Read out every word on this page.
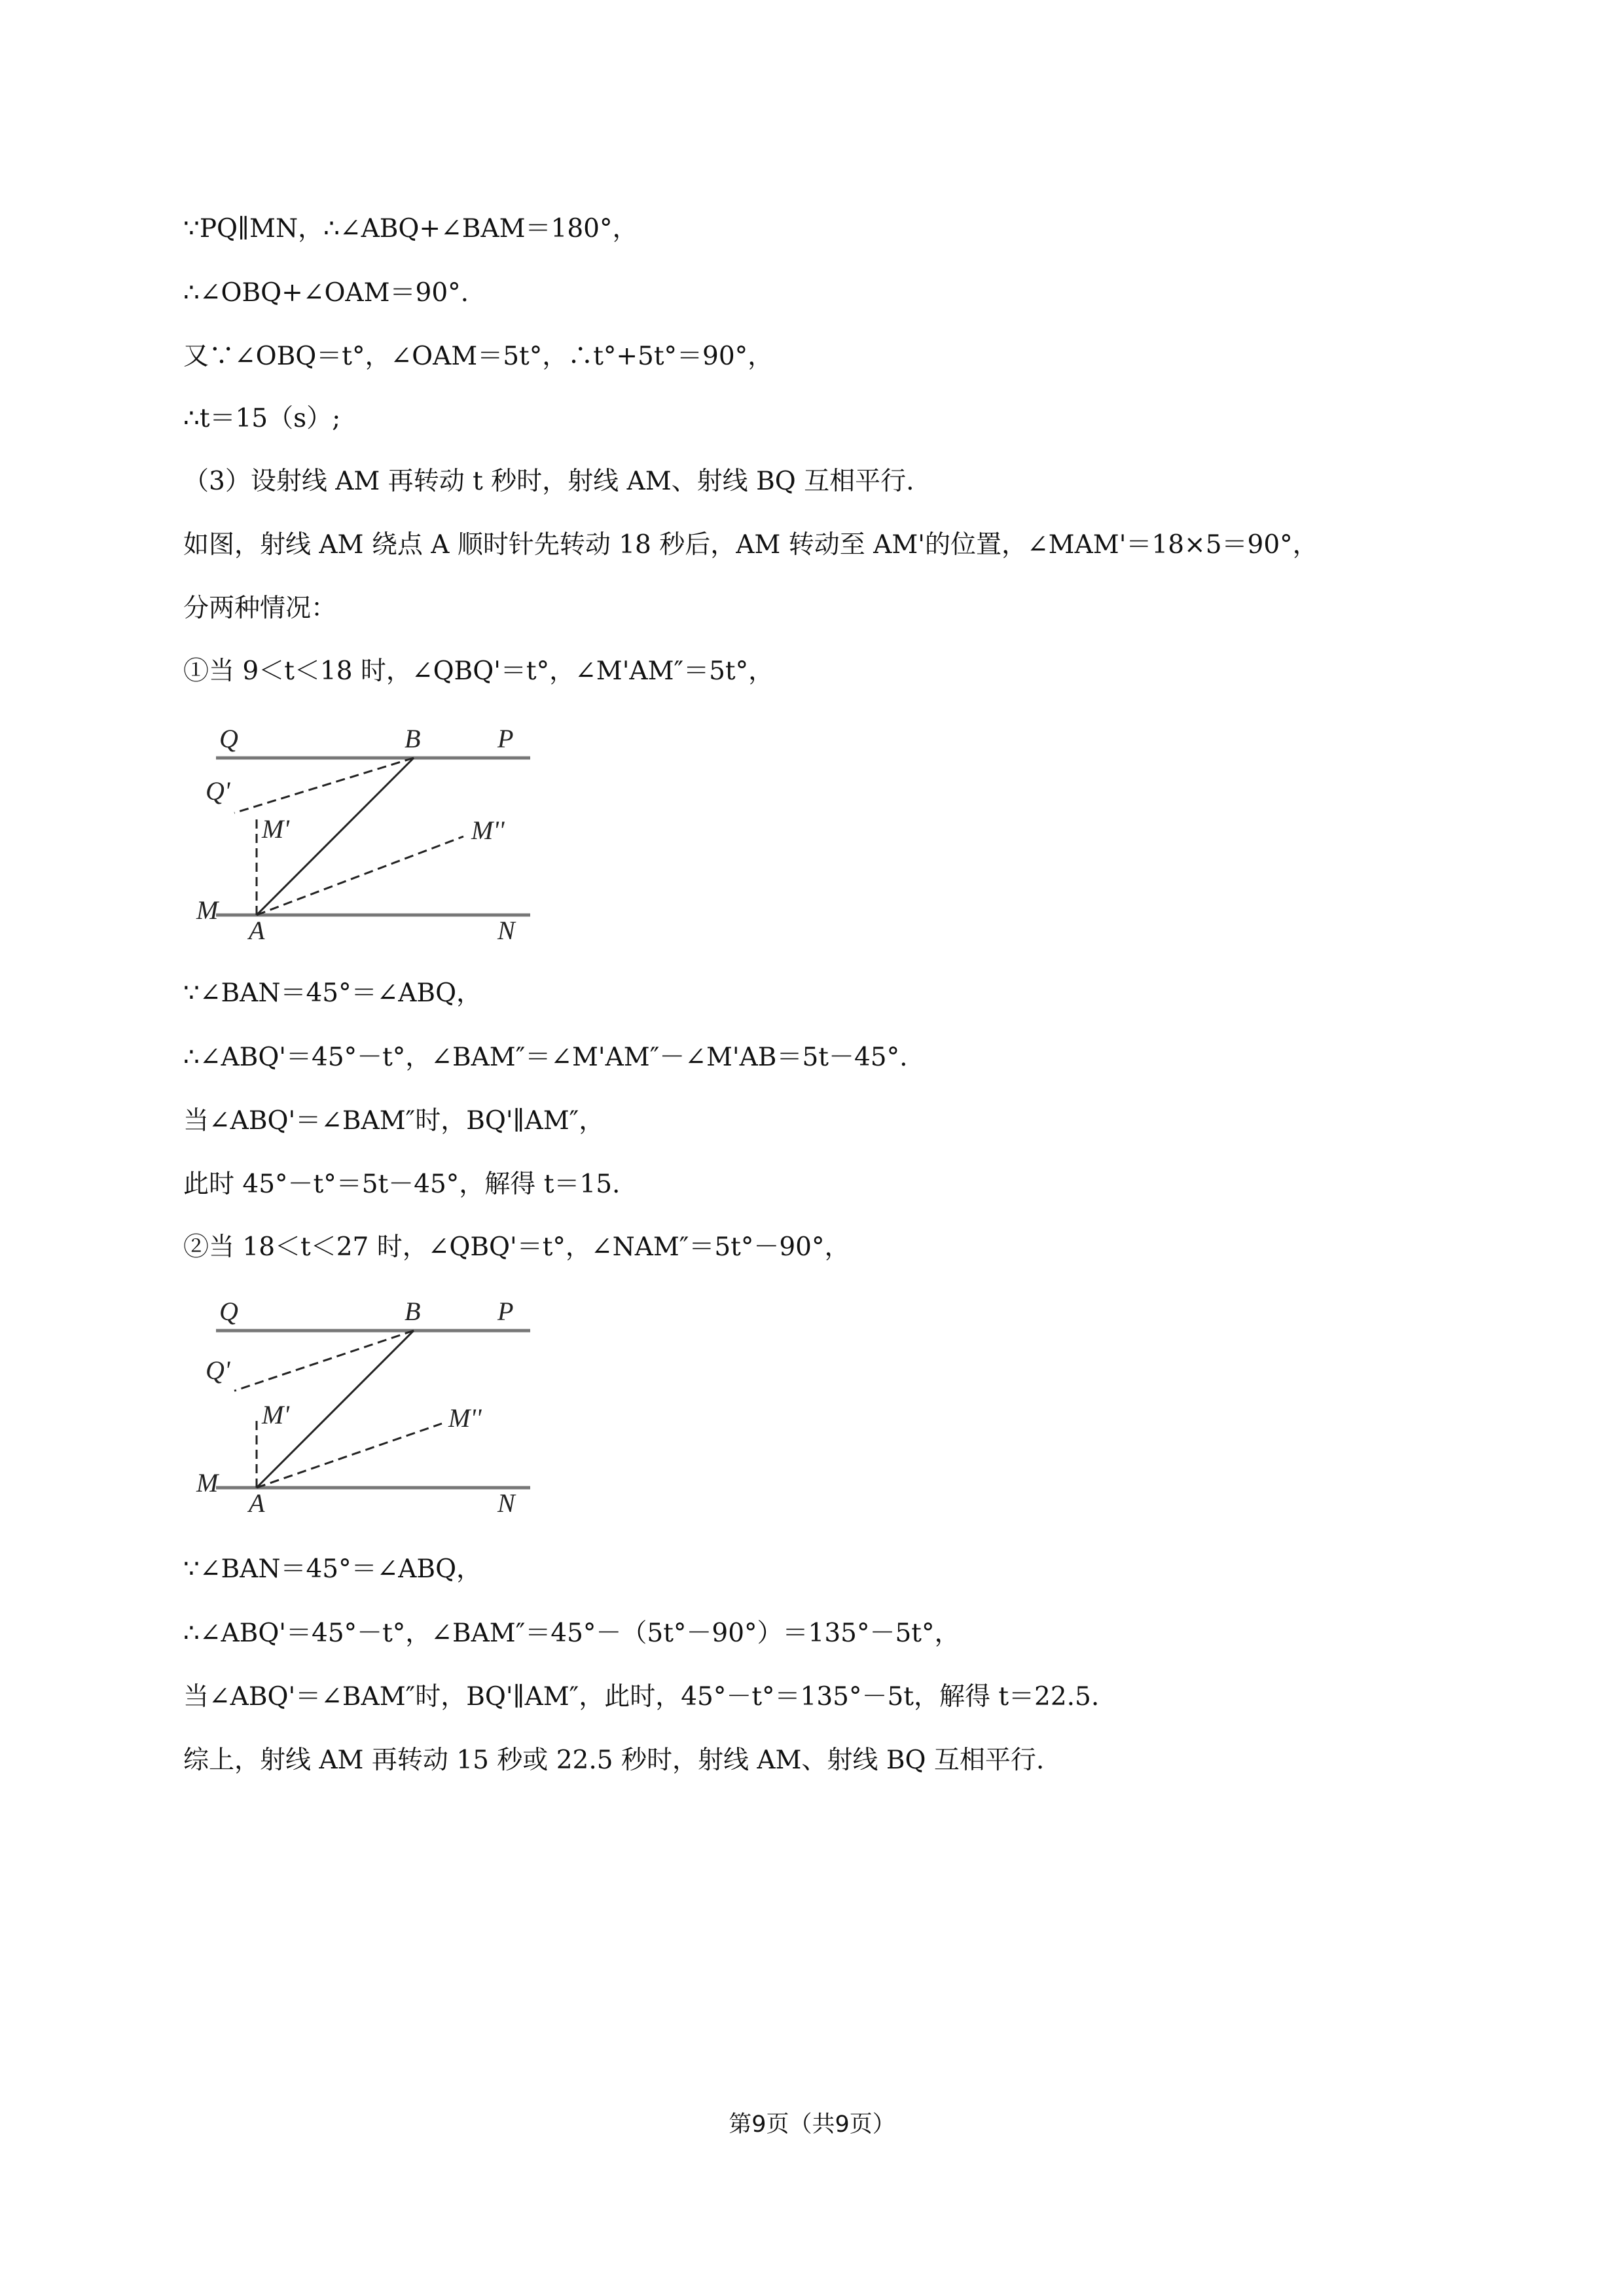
∵PQ∥MN，∴∠ABQ+∠BAM＝180°，
∴∠OBQ+∠OAM＝90°.
又∵∠OBQ＝t°，∠OAM＝5t°，∴t°+5t°＝90°，
∴t＝15（s）;
（3）设射线 AM 再转动 t 秒时，射线 AM、射线 BQ 互相平行.
如图，射线 AM 绕点 A 顺时针先转动 18 秒后，AM 转动至 AM'的位置，∠MAM'＝18×5＝90°，
分两种情况：
①当 9＜t＜18 时，∠QBQ'＝t°，∠M'AM″＝5t°，
Q	B	P
Q'
M'	M''
M
A	N
∵∠BAN＝45°＝∠ABQ，
∴∠ABQ'＝45°－t°，∠BAM″＝∠M'AM″－∠M'AB＝5t－45°.
当∠ABQ'＝∠BAM″时，BQ'∥AM″，
此时 45°－t°＝5t－45°，解得 t＝15.
②当 18＜t＜27 时，∠QBQ'＝t°，∠NAM″＝5t°－90°，
Q	B	P
Q'
M'	M''
M
A	N
∵∠BAN＝45°＝∠ABQ，
∴∠ABQ'＝45°－t°，∠BAM″＝45°－（5t°－90°）＝135°－5t°，
当∠ABQ'＝∠BAM″时，BQ'∥AM″，此时，45°－t°＝135°－5t，解得 t＝22.5.
综上，射线 AM 再转动 15 秒或 22.5 秒时，射线 AM、射线 BQ 互相平行.
第9页（共9页）
